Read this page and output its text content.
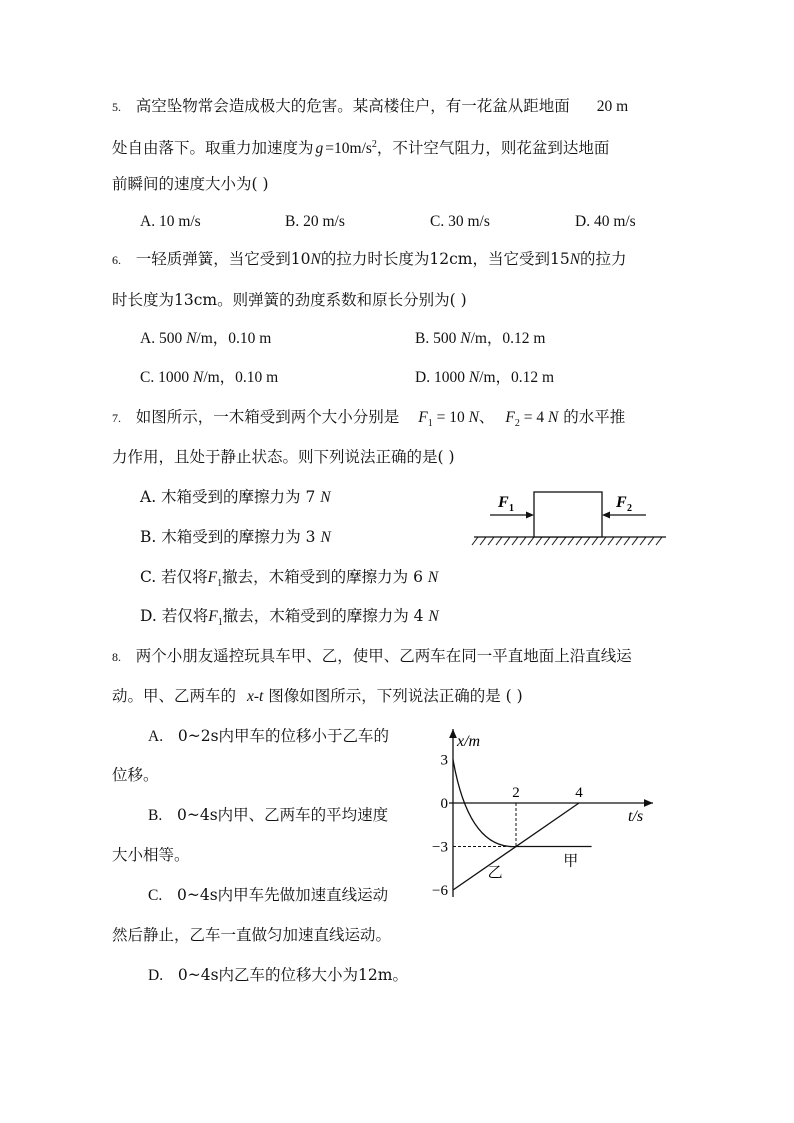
5. 高空坠物常会造成极大的危害。某高楼住户，有一花盆从距地面 20 m
处自由落下。取重力加速度为 $g =10m/s^2$，不计空气阻力，则花盆到达地面
前瞬间的速度大小为( )
A. 10 m/s	B. 20 m/s	C. 30 m/s	D. 40 m/s
6. 一轻质弹簧，当它受到10N的拉力时长度为12cm，当它受到15N的拉力
时长度为13cm。则弹簧的劲度系数和原长分别为( )
A. 500 N/m，0.10 m	B. 500 N/m，0.12 m
C. 1000 N/m，0.10 m	D. 1000 N/m，0.12 m
7. 如图所示，一木箱受到两个大小分别是 $F_1 = 10$ N、 $F_2 = 4$ N 的水平推
力作用，且处于静止状态。则下列说法正确的是( )
A. 木箱受到的摩擦力为 7 N
B. 木箱受到的摩擦力为 3 N
C. 若仅将$F_1$撤去，木箱受到的摩擦力为 6 N
D. 若仅将$F_1$撤去，木箱受到的摩擦力为 4 N
F 1	F 2
8. 两个小朋友遥控玩具车甲、乙，使甲、乙两车在同一平直地面上沿直线运
动。甲、乙两车的 x-t 图像如图所示，下列说法正确的是 ( )
A. 0~2s内甲车的位移小于乙车的
位移。
B. 0~4s内甲、乙两车的平均速度
大小相等。
C. 0~4s内甲车先做加速直线运动
然后静止，乙车一直做匀加速直线运动。
D. 0~4s内乙车的位移大小为12m。
x/m
t/s
3
0
−3
−6
2	4
甲
乙
